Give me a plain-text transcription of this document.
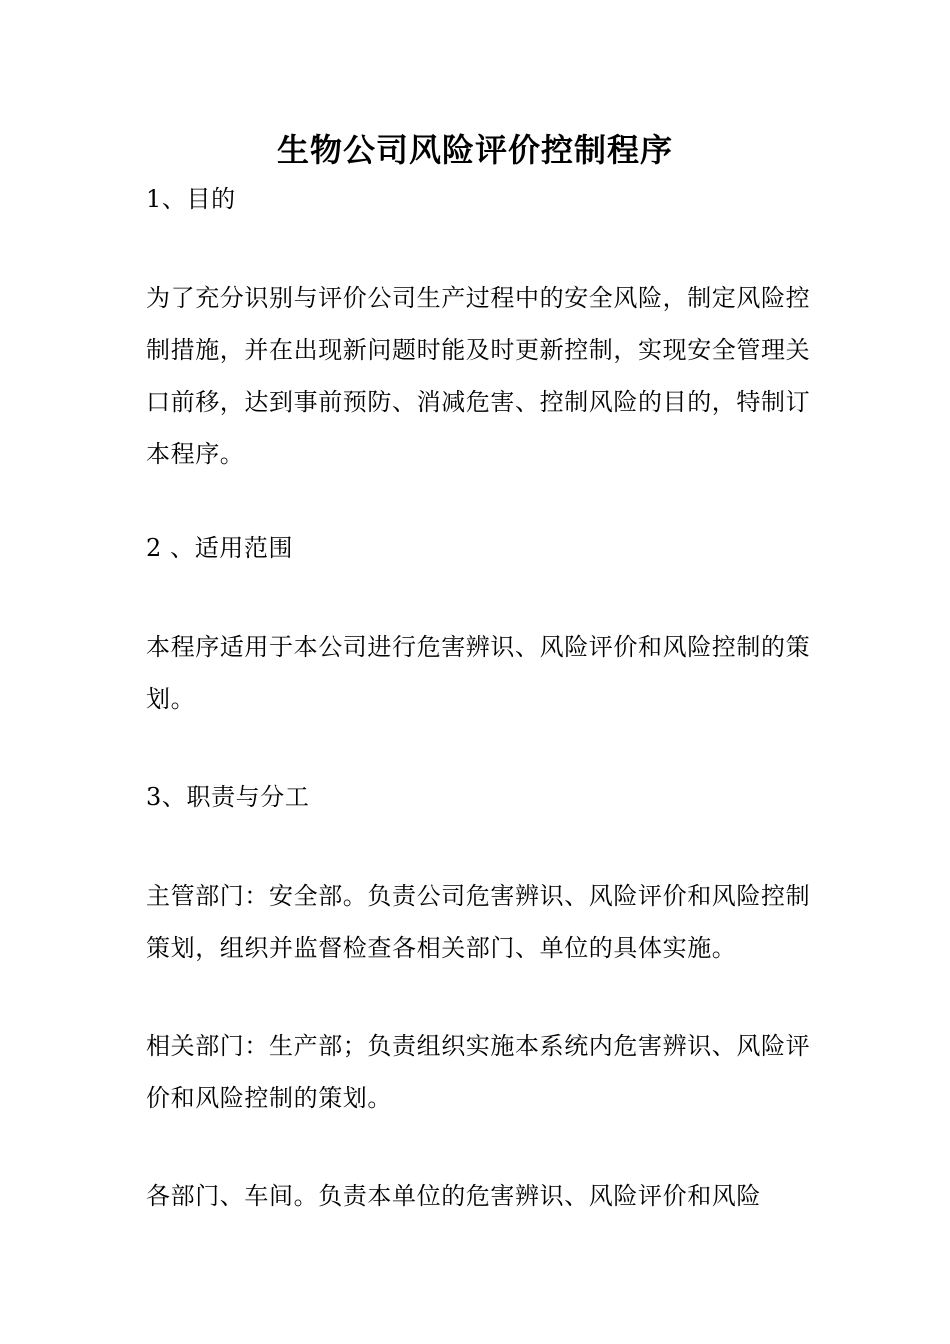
生物公司风险评价控制程序
1、目的
为了充分识别与评价公司生产过程中的安全风险，制定风险控制措施，并在出现新问题时能及时更新控制，实现安全管理关口前移，达到事前预防、消减危害、控制风险的目的，特制订本程序。
2 、适用范围
本程序适用于本公司进行危害辨识、风险评价和风险控制的策划。
3、职责与分工
主管部门：安全部。负责公司危害辨识、风险评价和风险控制策划，组织并监督检查各相关部门、单位的具体实施。
相关部门：生产部；负责组织实施本系统内危害辨识、风险评价和风险控制的策划。
各部门、车间。负责本单位的危害辨识、风险评价和风险
